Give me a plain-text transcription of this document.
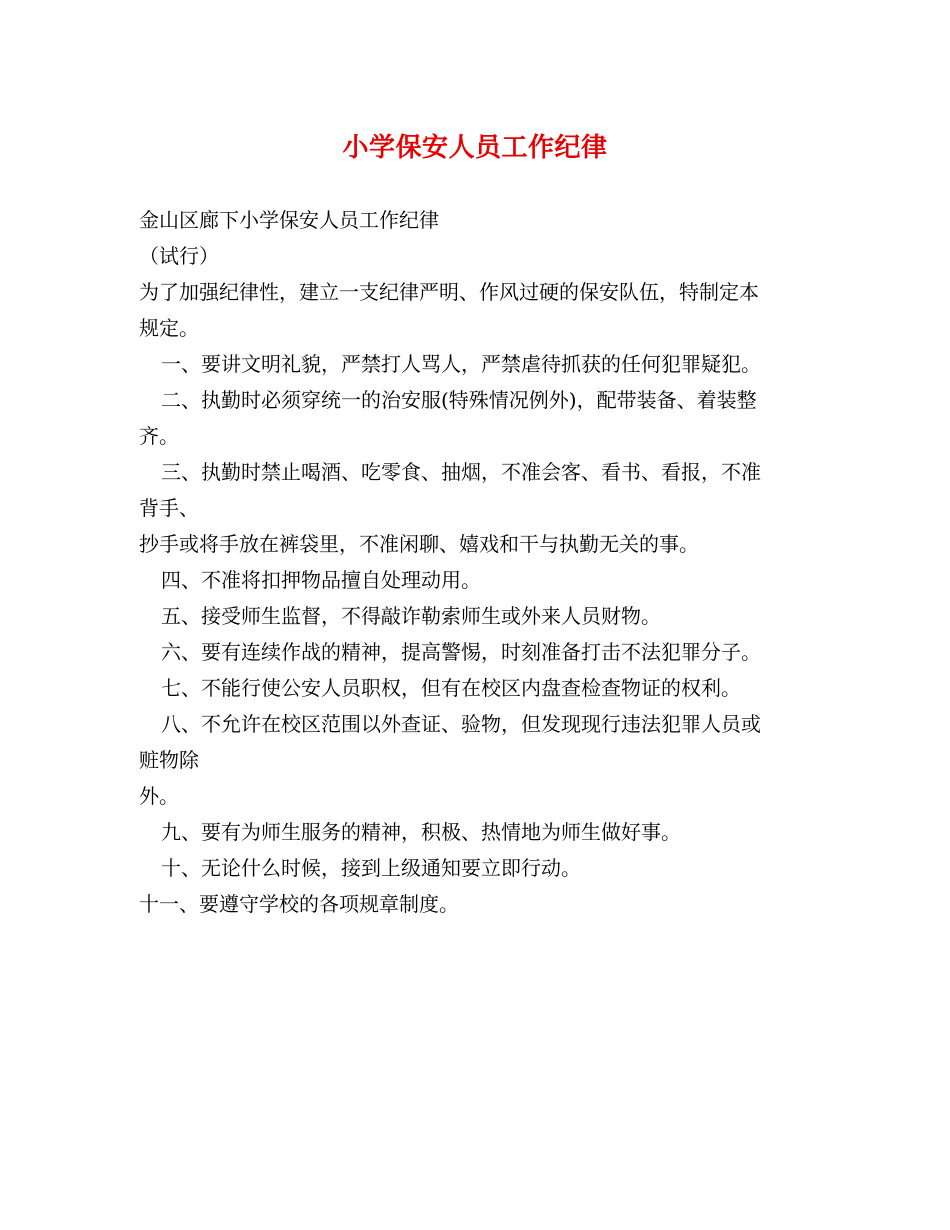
小学保安人员工作纪律
金山区廊下小学保安人员工作纪律
（试行）
为了加强纪律性，建立一支纪律严明、作风过硬的保安队伍，特制定本
规定。
一、要讲文明礼貌，严禁打人骂人，严禁虐待抓获的任何犯罪疑犯。
二、执勤时必须穿统一的治安服(特殊情况例外)，配带装备、着装整
齐。
三、执勤时禁止喝酒、吃零食、抽烟，不准会客、看书、看报，不准
背手、
抄手或将手放在裤袋里，不准闲聊、嬉戏和干与执勤无关的事。
四、不准将扣押物品擅自处理动用。
五、接受师生监督，不得敲诈勒索师生或外来人员财物。
六、要有连续作战的精神，提高警惕，时刻准备打击不法犯罪分子。
七、不能行使公安人员职权，但有在校区内盘查检查物证的权利。
八、不允许在校区范围以外查证、验物，但发现现行违法犯罪人员或
赃物除
外。
九、要有为师生服务的精神，积极、热情地为师生做好事。
十、无论什么时候，接到上级通知要立即行动。
十一、要遵守学校的各项规章制度。
